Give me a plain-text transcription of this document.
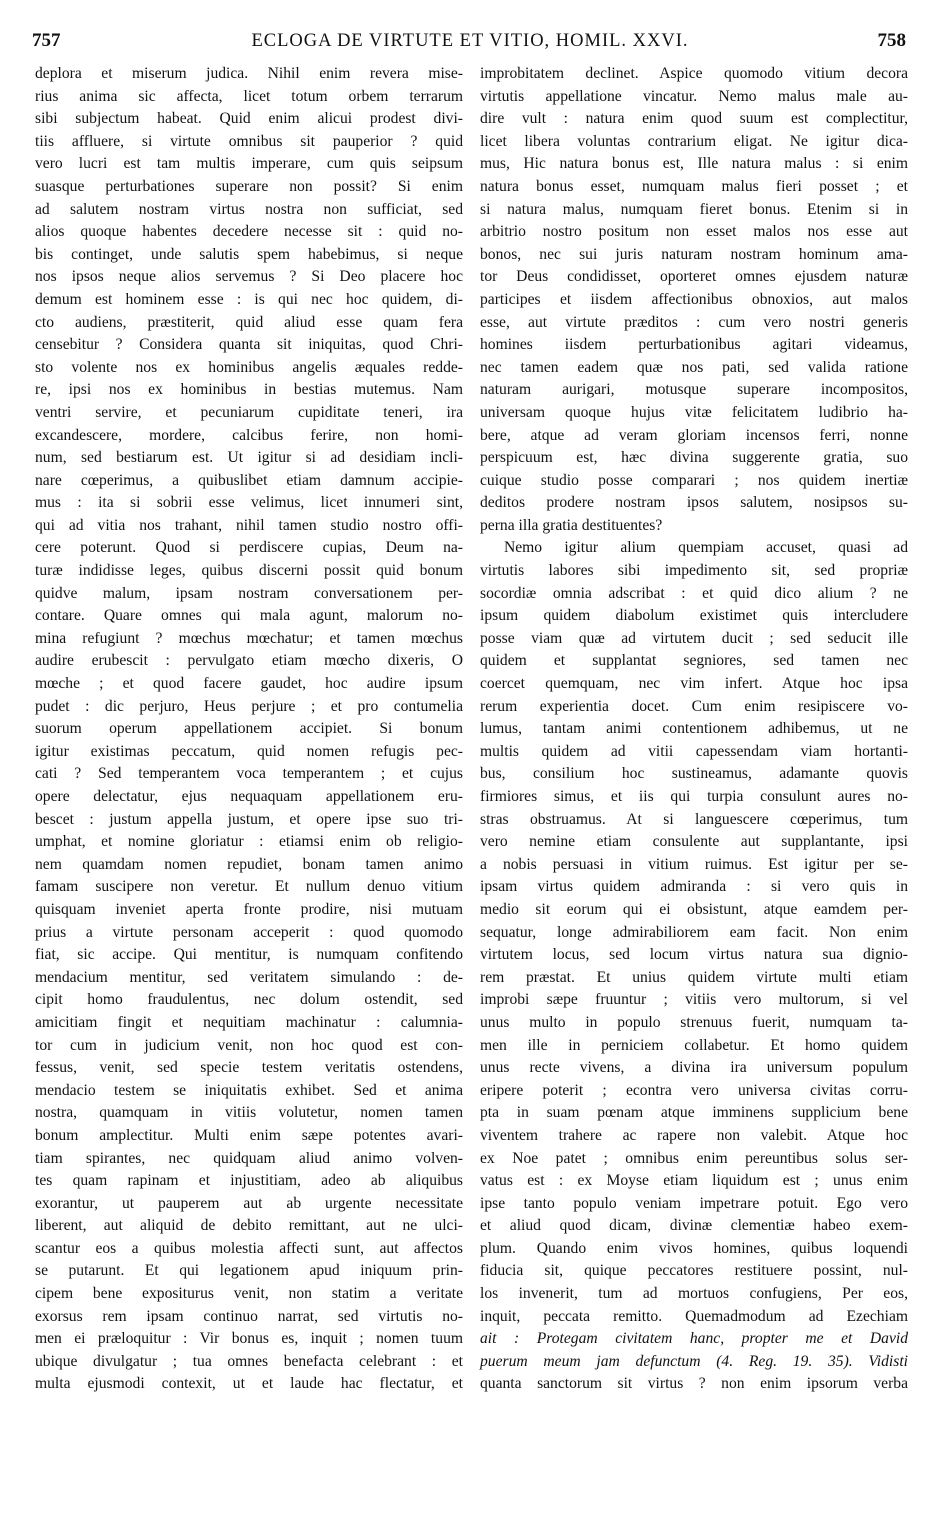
757	ECLOGA DE VIRTUTE ET VITIO, HOMIL. XXVI.	758
deplora et miserum judica. Nihil enim revera mise-
rius anima sic affecta, licet totum orbem terrarum
sibi subjectum habeat. Quid enim alicui prodest divi-
tiis affluere, si virtute omnibus sit pauperior ? quid
vero lucri est tam multis imperare, cum quis seipsum
suasque perturbationes superare non possit? Si enim
ad salutem nostram virtus nostra non sufficiat, sed
alios quoque habentes decedere necesse sit : quid no-
bis continget, unde salutis spem habebimus, si neque
nos ipsos neque alios servemus ? Si Deo placere hoc
demum est hominem esse : is qui nec hoc quidem, di-
cto audiens, præstiterit, quid aliud esse quam fera
censebitur ? Considera quanta sit iniquitas, quod Chri-
sto volente nos ex hominibus angelis æquales redde-
re, ipsi nos ex hominibus in bestias mutemus. Nam
ventri servire, et pecuniarum cupiditate teneri, ira
excandescere, mordere, calcibus ferire, non homi-
num, sed bestiarum est. Ut igitur si ad desidiam incli-
nare cœperimus, a quibuslibet etiam damnum accipie-
mus : ita si sobrii esse velimus, licet innumeri sint,
qui ad vitia nos trahant, nihil tamen studio nostro offi-
cere poterunt. Quod si perdiscere cupias, Deum na-
turæ indidisse leges, quibus discerni possit quid bonum
quidve malum, ipsam nostram conversationem per-
contare. Quare omnes qui mala agunt, malorum no-
mina refugiunt ? mœchus mœchatur; et tamen mœchus
audire erubescit : pervulgato etiam mœcho dixeris, O
mœche ; et quod facere gaudet, hoc audire ipsum
pudet : dic perjuro, Heus perjure ; et pro contumelia
suorum operum appellationem accipiet. Si bonum
igitur existimas peccatum, quid nomen refugis pec-
cati ? Sed temperantem voca temperantem ; et cujus
opere delectatur, ejus nequaquam appellationem eru-
bescet : justum appella justum, et opere ipse suo tri-
umphat, et nomine gloriatur : etiamsi enim ob religio-
nem quamdam nomen repudiet, bonam tamen animo
famam suscipere non veretur. Et nullum denuo vitium
quisquam inveniet aperta fronte prodire, nisi mutuam
prius a virtute personam acceperit : quod quomodo
fiat, sic accipe. Qui mentitur, is numquam confitendo
mendacium mentitur, sed veritatem simulando : de-
cipit homo fraudulentus, nec dolum ostendit, sed
amicitiam fingit et nequitiam machinatur : calumnia-
tor cum in judicium venit, non hoc quod est con-
fessus, venit, sed specie testem veritatis ostendens,
mendacio testem se iniquitatis exhibet. Sed et anima
nostra, quamquam in vitiis volutetur, nomen tamen
bonum amplectitur. Multi enim sæpe potentes avari-
tiam spirantes, nec quidquam aliud animo volven-
tes quam rapinam et injustitiam, adeo ab aliquibus
exorantur, ut pauperem aut ab urgente necessitate
liberent, aut aliquid de debito remittant, aut ne ulci-
scantur eos a quibus molestia affecti sunt, aut affectos
se putarunt. Et qui legationem apud iniquum prin-
cipem bene expositurus venit, non statim a veritate
exorsus rem ipsam continuo narrat, sed virtutis no-
men ei præloquitur : Vir bonus es, inquit ; nomen tuum
ubique divulgatur ; tua omnes benefacta celebrant : et
multa ejusmodi contexit, ut et laude hac flectatur, et
improbitatem declinet. Aspice quomodo vitium decora
virtutis appellatione vincatur. Nemo malus male au-
dire vult : natura enim quod suum est complectitur,
licet libera voluntas contrarium eligat. Ne igitur dica-
mus, Hic natura bonus est, Ille natura malus : si enim
natura bonus esset, numquam malus fieri posset ; et
si natura malus, numquam fieret bonus. Etenim si in
arbitrio nostro positum non esset malos nos esse aut
bonos, nec sui juris naturam nostram hominum ama-
tor Deus condidisset, oporteret omnes ejusdem naturæ
participes et iisdem affectionibus obnoxios, aut malos
esse, aut virtute præditos : cum vero nostri generis
homines iisdem perturbationibus agitari videamus,
nec tamen eadem quæ nos pati, sed valida ratione
naturam aurigari, motusque superare incompositos,
universam quoque hujus vitæ felicitatem ludibrio ha-
bere, atque ad veram gloriam incensos ferri, nonne
perspicuum est, hæc divina suggerente gratia, suo
cuique studio posse comparari ; nos quidem inertiæ
deditos prodere nostram ipsos salutem, nosipsos su-
perna illa gratia destituentes?
Nemo igitur alium quempiam accuset, quasi ad
virtutis labores sibi impedimento sit, sed propriæ
socordiæ omnia adscribat : et quid dico alium ? ne
ipsum quidem diabolum existimet quis intercludere
posse viam quæ ad virtutem ducit ; sed seducit ille
quidem et supplantat segniores, sed tamen nec
coercet quemquam, nec vim infert. Atque hoc ipsa
rerum experientia docet. Cum enim resipiscere vo-
lumus, tantam animi contentionem adhibemus, ut ne
multis quidem ad vitii capessendam viam hortanti-
bus, consilium hoc sustineamus, adamante quovis
firmiores simus, et iis qui turpia consulunt aures no-
stras obstruamus. At si languescere cœperimus, tum
vero nemine etiam consulente aut supplantante, ipsi
a nobis persuasi in vitium ruimus. Est igitur per se-
ipsam virtus quidem admiranda : si vero quis in
medio sit eorum qui ei obsistunt, atque eamdem per-
sequatur, longe admirabiliorem eam facit. Non enim
virtutem locus, sed locum virtus natura sua dignio-
rem præstat. Et unius quidem virtute multi etiam
improbi sæpe fruuntur ; vitiis vero multorum, si vel
unus multo in populo strenuus fuerit, numquam ta-
men ille in perniciem collabetur. Et homo quidem
unus recte vivens, a divina ira universum populum
eripere poterit ; econtra vero universa civitas corru-
pta in suam pœnam atque imminens supplicium bene
viventem trahere ac rapere non valebit. Atque hoc
ex Noe patet ; omnibus enim pereuntibus solus ser-
vatus est : ex Moyse etiam liquidum est ; unus enim
ipse tanto populo veniam impetrare potuit. Ego vero
et aliud quod dicam, divinæ clementiæ habeo exem-
plum. Quando enim vivos homines, quibus loquendi
fiducia sit, quique peccatores restituere possint, nul-
los invenerit, tum ad mortuos confugiens, Per eos,
inquit, peccata remitto. Quemadmodum ad Ezechiam
ait : Protegam civitatem hanc, propter me et David
puerum meum jam defunctum (4. Reg. 19. 35). Vidisti
quanta sanctorum sit virtus ? non enim ipsorum verba
